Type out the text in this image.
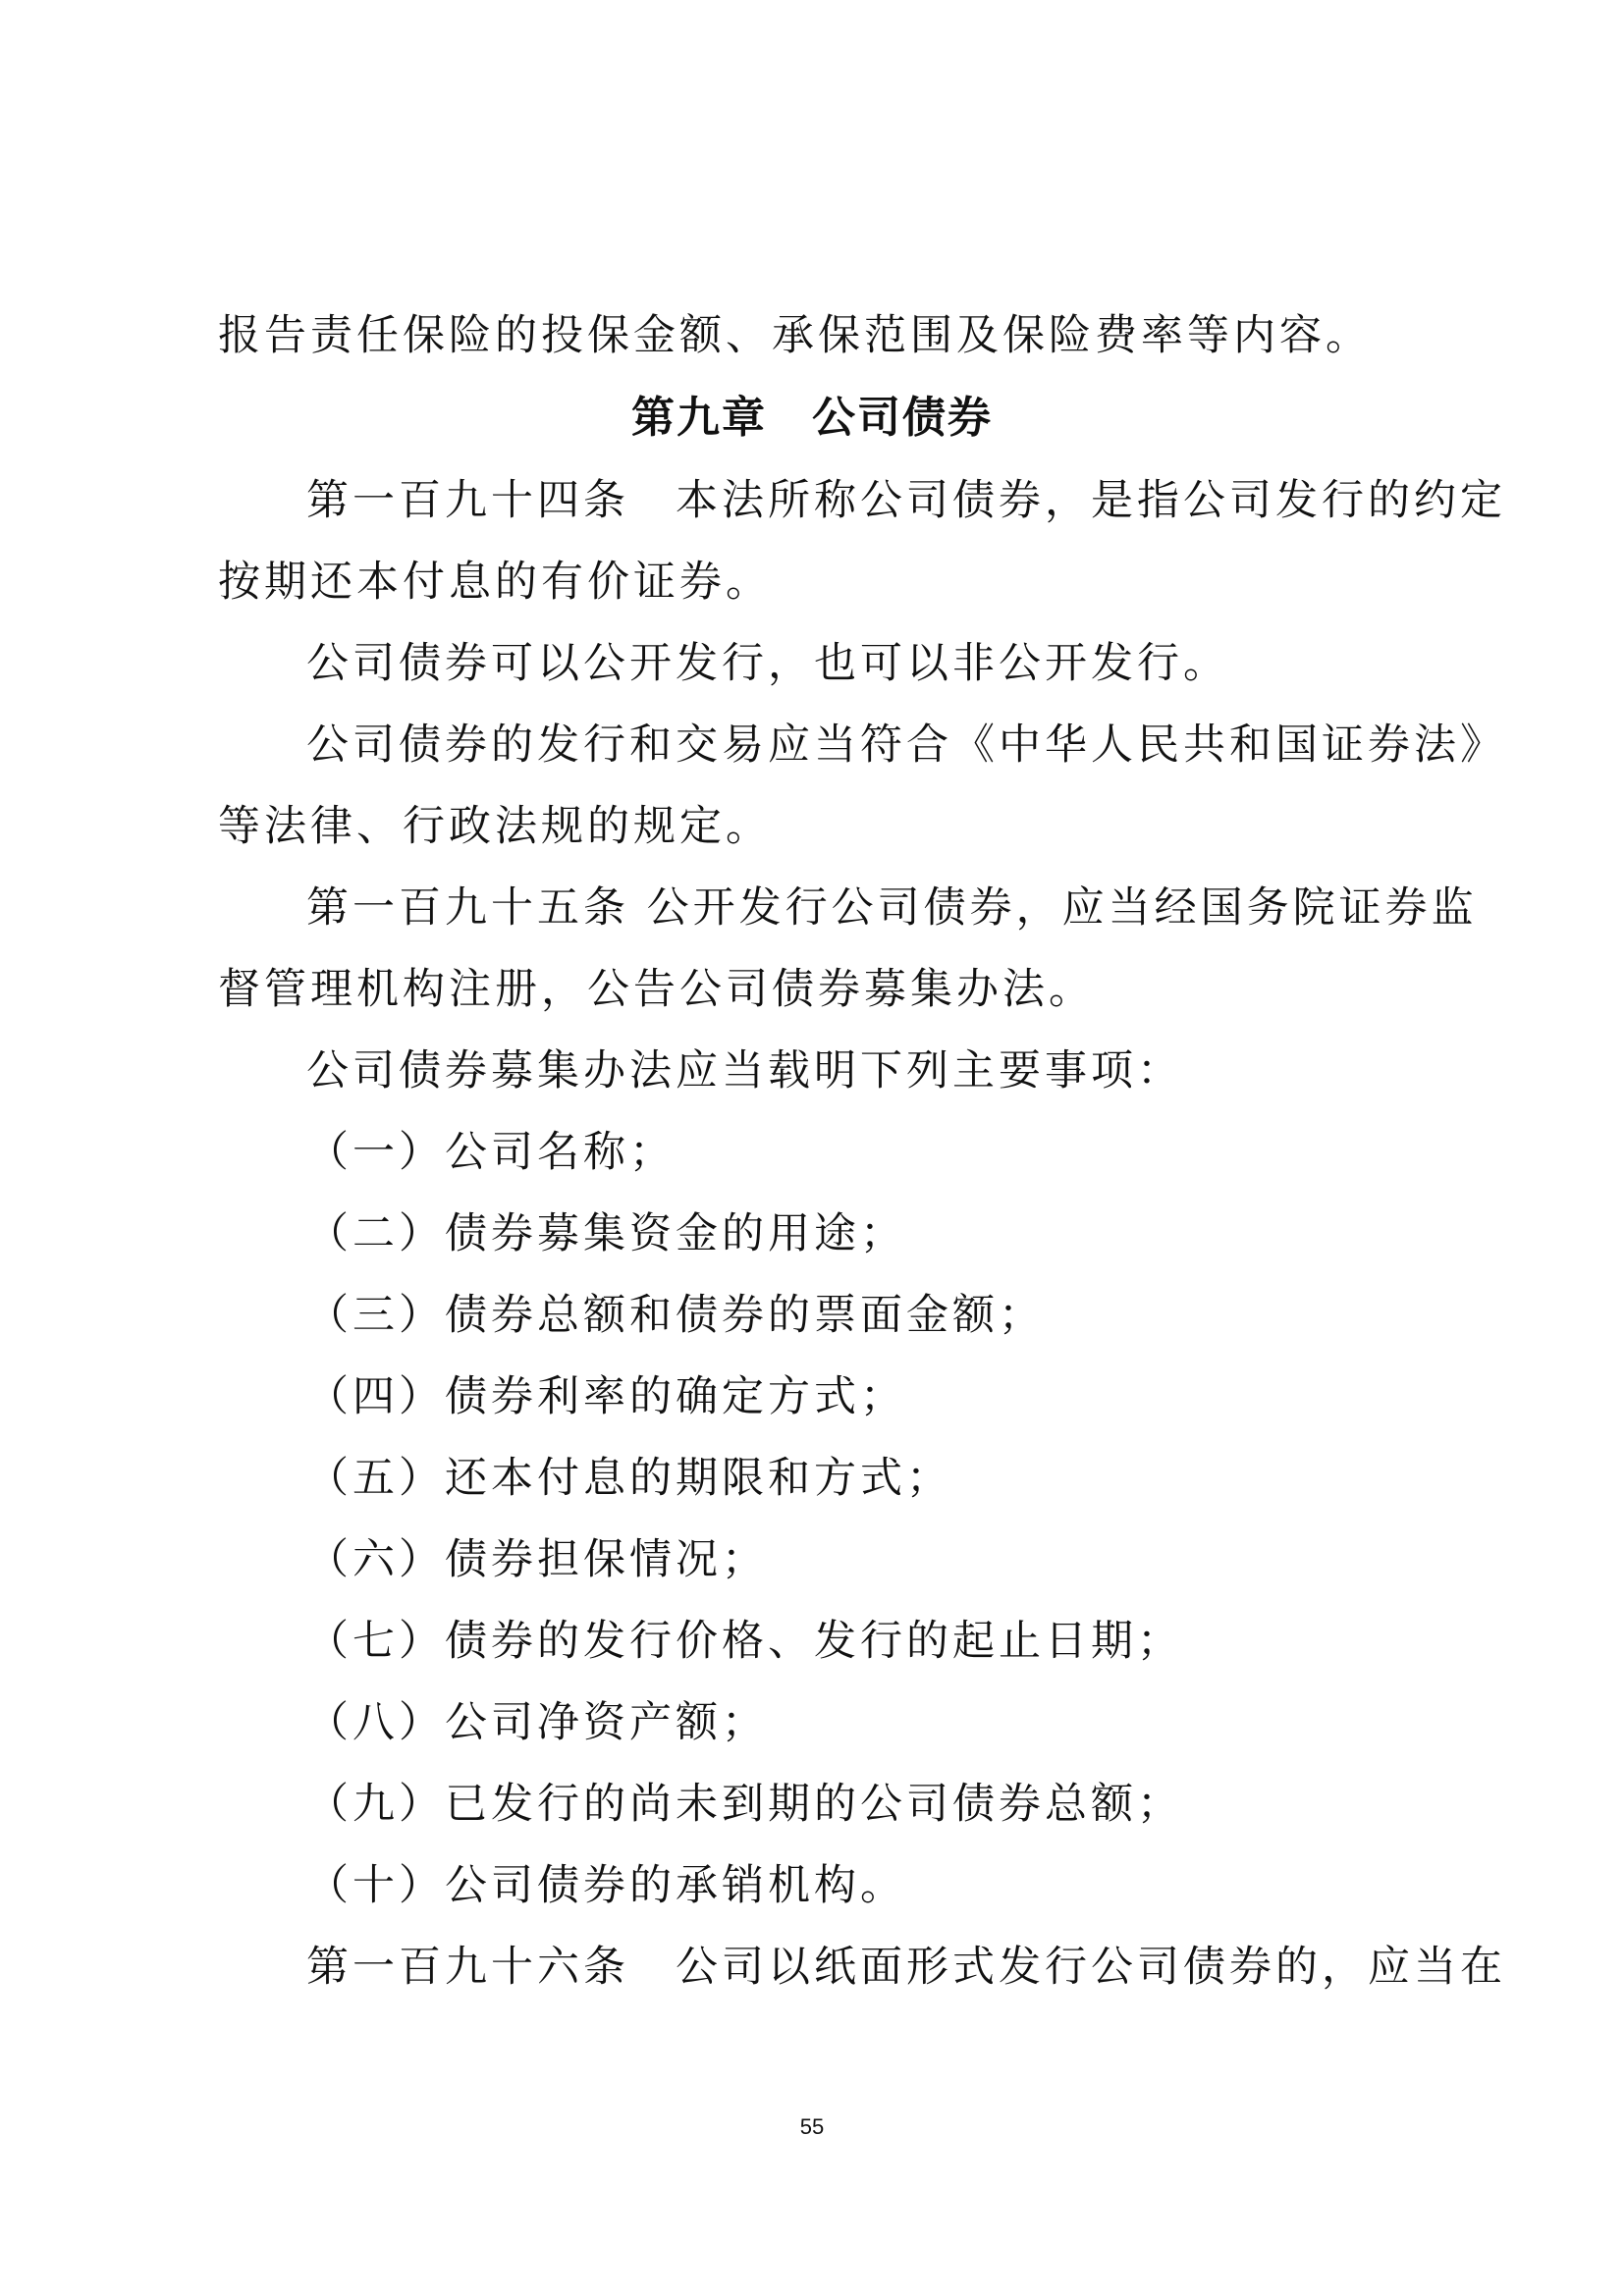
报告责任保险的投保金额、承保范围及保险费率等内容。
第九章　公司债券
第一百九十四条　本法所称公司债券，是指公司发行的约定
按期还本付息的有价证券。
公司债券可以公开发行，也可以非公开发行。
公司债券的发行和交易应当符合《中华人民共和国证券法》
等法律、行政法规的规定。
第一百九十五条 公开发行公司债券，应当经国务院证券监
督管理机构注册，公告公司债券募集办法。
公司债券募集办法应当载明下列主要事项：
（一）公司名称；
（二）债券募集资金的用途；
（三）债券总额和债券的票面金额；
（四）债券利率的确定方式；
（五）还本付息的期限和方式；
（六）债券担保情况；
（七）债券的发行价格、发行的起止日期；
（八）公司净资产额；
（九）已发行的尚未到期的公司债券总额；
（十）公司债券的承销机构。
第一百九十六条　公司以纸面形式发行公司债券的，应当在
55
